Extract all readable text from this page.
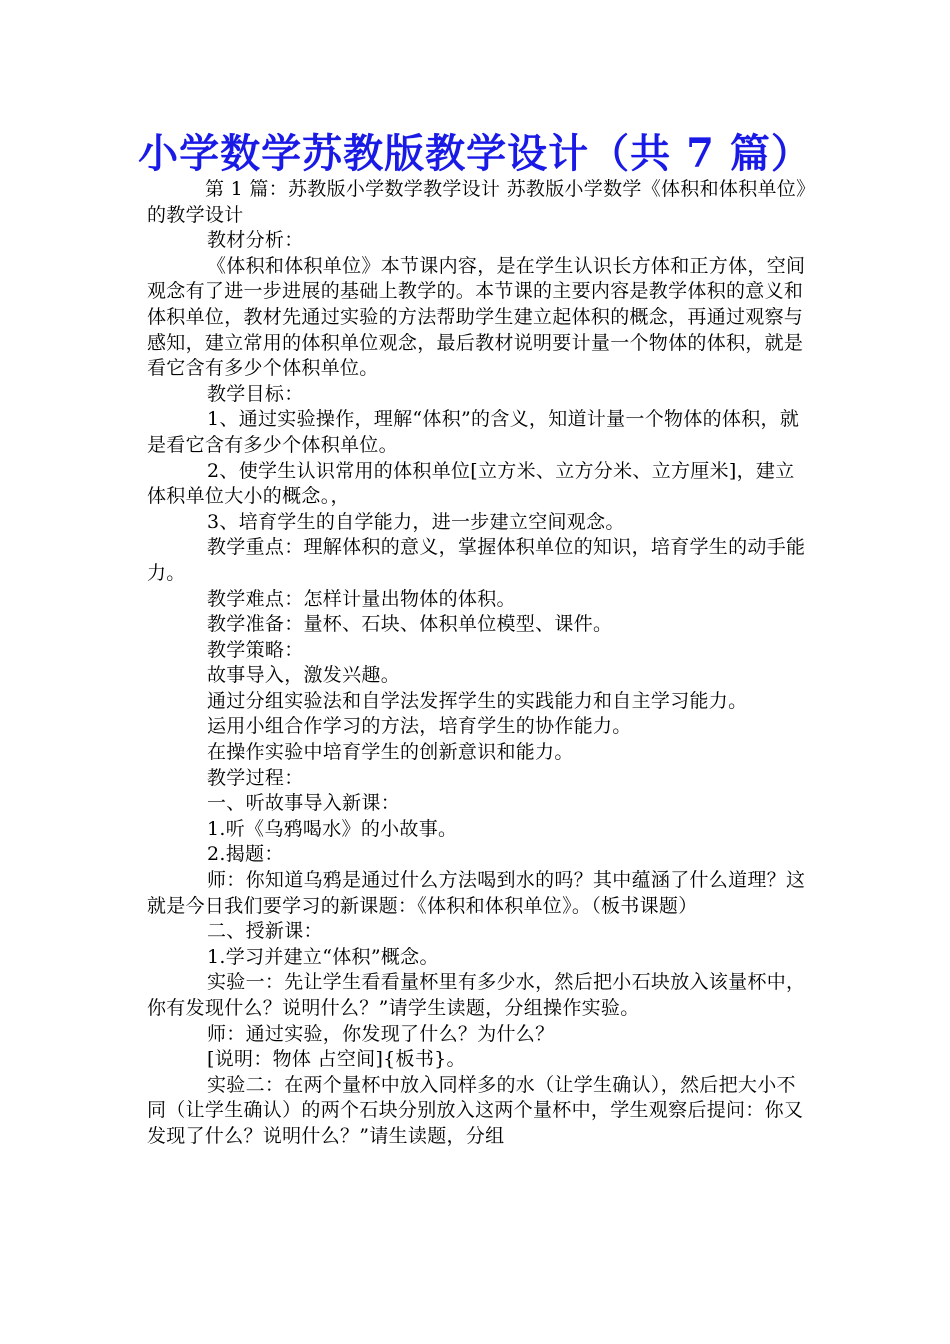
小学数学苏教版教学设计（共 7 篇）

第 1 篇：苏教版小学数学教学设计 苏教版小学数学《体积和体积单位》的教学设计

教材分析：

《体积和体积单位》本节课内容，是在学生认识长方体和正方体，空间观念有了进一步进展的基础上教学的。本节课的主要内容是教学体积的意义和体积单位，教材先通过实验的方法帮助学生建立起体积的概念，再通过观察与感知，建立常用的体积单位观念，最后教材说明要计量一个物体的体积，就是看它含有多少个体积单位。

教学目标：

1、通过实验操作，理解“体积”的含义，知道计量一个物体的体积，就是看它含有多少个体积单位。

2、使学生认识常用的体积单位[立方米、立方分米、立方厘米]，建立体积单位大小的概念。，

3、培育学生的自学能力，进一步建立空间观念。

教学重点：理解体积的意义，掌握体积单位的知识，培育学生的动手能力。

教学难点：怎样计量出物体的体积。

教学准备：量杯、石块、体积单位模型、课件。

教学策略：

故事导入，激发兴趣。

通过分组实验法和自学法发挥学生的实践能力和自主学习能力。

运用小组合作学习的方法，培育学生的协作能力。

在操作实验中培育学生的创新意识和能力。

教学过程：

一、听故事导入新课：

1.听《乌鸦喝水》的小故事。

2.揭题：

师：你知道乌鸦是通过什么方法喝到水的吗？其中蕴涵了什么道理？这就是今日我们要学习的新课题：《体积和体积单位》。（板书课题）

二、授新课：

1.学习并建立“体积”概念。

实验一：先让学生看看量杯里有多少水，然后把小石块放入该量杯中，你有发现什么？说明什么？”请学生读题，分组操作实验。

师：通过实验，你发现了什么？为什么？

[说明：物体 占空间]{板书}。

实验二：在两个量杯中放入同样多的水（让学生确认），然后把大小不同（让学生确认）的两个石块分别放入这两个量杯中，学生观察后提问：你又发现了什么？说明什么？”请生读题，分组
